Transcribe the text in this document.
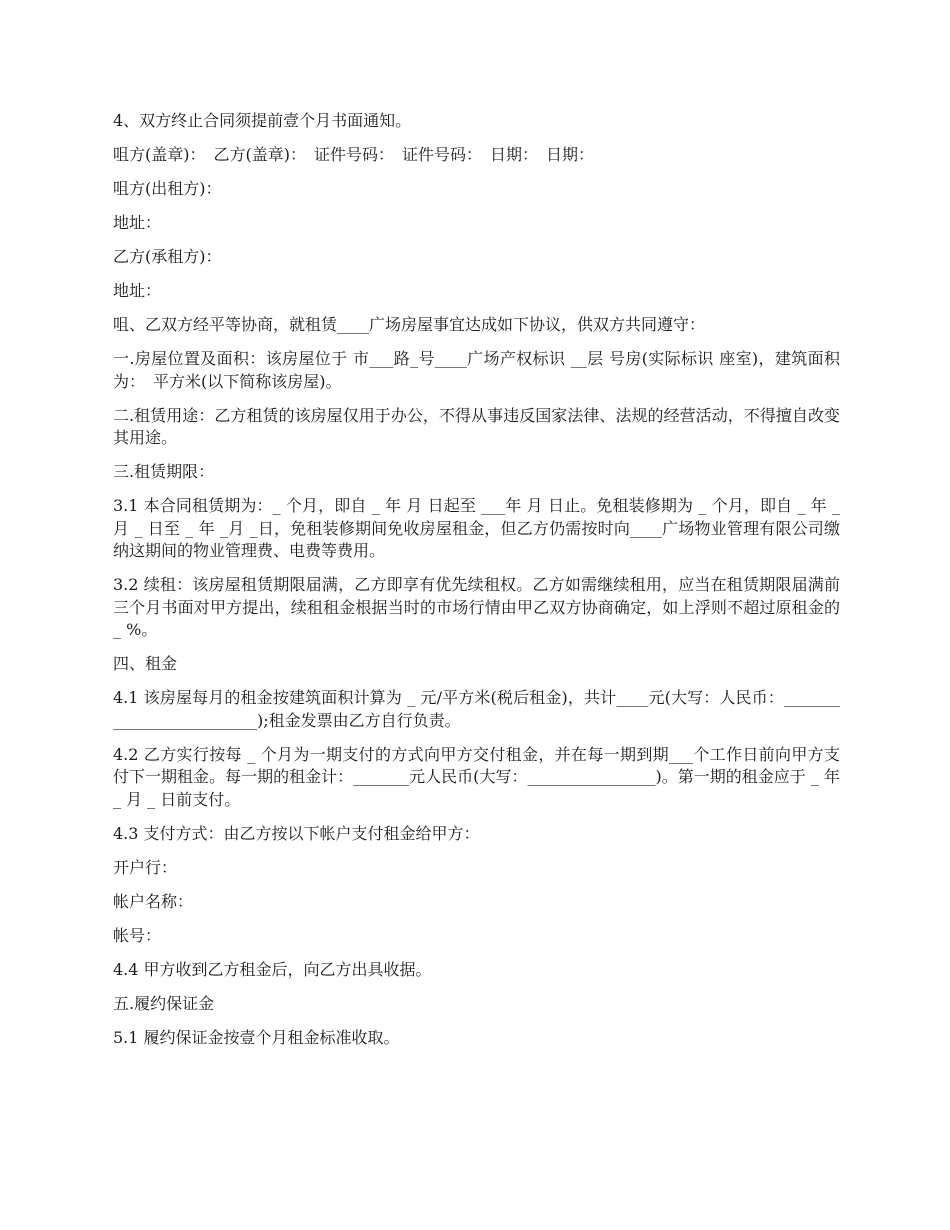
4、双方终止合同须提前壹个月书面通知。

咀方(盖章)：　乙方(盖章)：　证件号码：　证件号码：　日期：　日期：

咀方(出租方)：

地址：

乙方(承租方)：

地址：

咀、乙双方经平等协商，就租赁____广场房屋事宜达成如下协议，供双方共同遵守：

一.房屋位置及面积：该房屋位于 市___路_号____广场产权标识 __层 号房(实际标识 座室)，建筑面积为：　平方米(以下简称该房屋)。

二.租赁用途：乙方租赁的该房屋仅用于办公，不得从事违反国家法律、法规的经营活动，不得擅自改变其用途。

三.租赁期限：

3.1 本合同租赁期为：_ 个月，即自 _ 年 月 日起至 ___年 月 日止。免租装修期为 _ 个月，即自 _ 年 _ 月 _ 日至 _ 年 _月 _日，免租装修期间免收房屋租金，但乙方仍需按时向____广场物业管理有限公司缴纳这期间的物业管理费、电费等费用。

3.2 续租：该房屋租赁期限届满，乙方即享有优先续租权。乙方如需继续租用，应当在租赁期限届满前三个月书面对甲方提出，续租租金根据当时的市场行情由甲乙双方协商确定，如上浮则不超过原租金的 _ %。

四、租金

4.1 该房屋每月的租金按建筑面积计算为 _ 元/平方米(税后租金)，共计____元(大写：人民币：_________________________);租金发票由乙方自行负责。

4.2 乙方实行按每 _ 个月为一期支付的方式向甲方交付租金，并在每一期到期___个工作日前向甲方支付下一期租金。每一期的租金计：_______元人民币(大写：________________)。第一期的租金应于 _ 年 _ 月 _ 日前支付。

4.3 支付方式：由乙方按以下帐户支付租金给甲方：

开户行：

帐户名称：

帐号：

4.4 甲方收到乙方租金后，向乙方出具收据。

五.履约保证金

5.1 履约保证金按壹个月租金标准收取。
